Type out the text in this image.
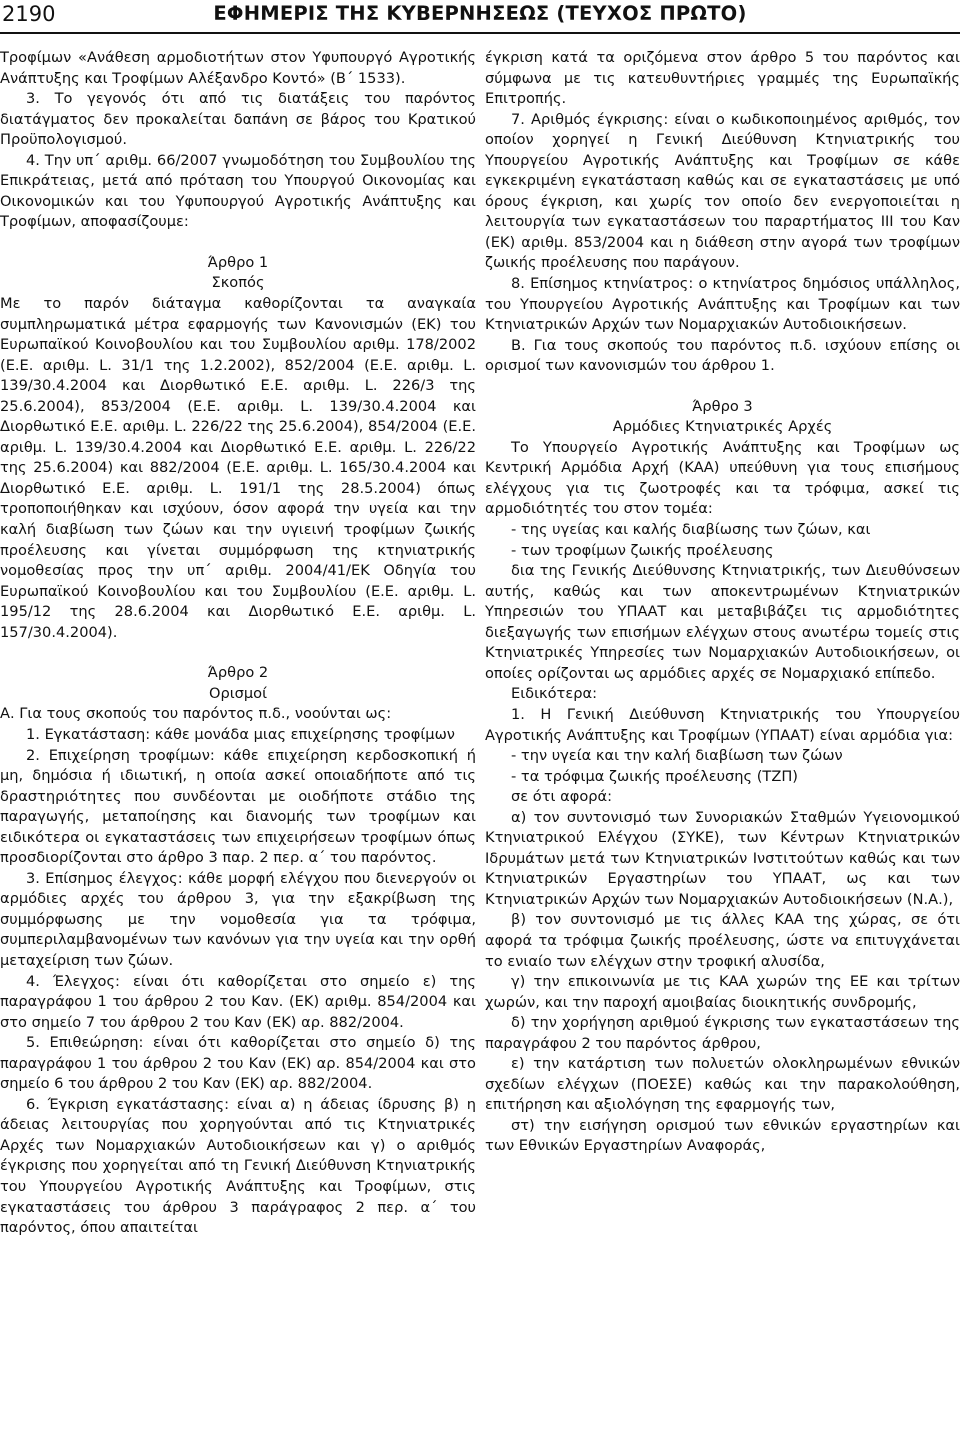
ΕΦΗΜΕΡΙΣ ΤΗΣ ΚΥΒΕΡΝΗΣΕΩΣ (ΤΕΥΧΟΣ ΠΡΩΤΟ)
2190

Τροφίμων «Ανάθεση αρμοδιοτήτων στον Υφυπουργό Αγροτικής Ανάπτυξης και Τροφίμων Αλέξανδρο Κοντό» (Β΄ 1533).

3. Το γεγονός ότι από τις διατάξεις του παρόντος διατάγματος δεν προκαλείται δαπάνη σε βάρος του Κρατικού Προϋπολογισμού.

4. Την υπ΄ αριθμ. 66/2007 γνωμοδότηση του Συμβουλίου της Επικράτειας, μετά από πρόταση του Υπουργού Οικονομίας και Οικονομικών και του Υφυπουργού Αγροτικής Ανάπτυξης και Τροφίμων, αποφασίζουμε:

Άρθρο 1

Σκοπός

Με το παρόν διάταγμα καθορίζονται τα αναγκαία συμπληρωματικά μέτρα εφαρμογής των Κανονισμών (ΕΚ) του Ευρωπαϊκού Κοινοβουλίου και του Συμβουλίου αριθμ. 178/2002 (Ε.Ε. αριθμ. L. 31/1 της 1.2.2002), 852/2004 (Ε.Ε. αριθμ. L. 139/30.4.2004 και Διορθωτικό Ε.Ε. αριθμ. L. 226/3 της 25.6.2004), 853/2004 (Ε.Ε. αριθμ. L. 139/30.4.2004 και Διορθωτικό Ε.Ε. αριθμ. L. 226/22 της 25.6.2004), 854/2004 (Ε.Ε. αριθμ. L. 139/30.4.2004 και Διορθωτικό Ε.Ε. αριθμ. L. 226/22 της 25.6.2004) και 882/2004 (Ε.Ε. αριθμ. L. 165/30.4.2004 και Διορθωτικό Ε.Ε. αριθμ. L. 191/1 της 28.5.2004) όπως τροποποιήθηκαν και ισχύουν, όσον αφορά την υγεία και την καλή διαβίωση των ζώων και την υγιεινή τροφίμων ζωικής προέλευσης και γίνεται συμμόρφωση της κτηνιατρικής νομοθεσίας προς την υπ΄ αριθμ. 2004/41/ΕΚ Οδηγία του Ευρωπαϊκού Κοινοβουλίου και του Συμβουλίου (Ε.Ε. αριθμ. L. 195/12 της 28.6.2004 και Διορθωτικό Ε.Ε. αριθμ. L. 157/30.4.2004).

Άρθρο 2

Ορισμοί

Α. Για τους σκοπούς του παρόντος π.δ., νοούνται ως:

1. Εγκατάσταση: κάθε μονάδα μιας επιχείρησης τροφίμων

2. Επιχείρηση τροφίμων: κάθε επιχείρηση κερδοσκοπική ή μη, δημόσια ή ιδιωτική, η οποία ασκεί οποιαδήποτε από τις δραστηριότητες που συνδέονται με οιοδήποτε στάδιο της παραγωγής, μεταποίησης και διανομής των τροφίμων και ειδικότερα οι εγκαταστάσεις των επιχειρήσεων τροφίμων όπως προσδιορίζονται στο άρθρο 3 παρ. 2 περ. α΄ του παρόντος.

3. Επίσημος έλεγχος: κάθε μορφή ελέγχου που διενεργούν οι αρμόδιες αρχές του άρθρου 3, για την εξακρίβωση της συμμόρφωσης με την νομοθεσία για τα τρόφιμα, συμπεριλαμβανομένων των κανόνων για την υγεία και την ορθή μεταχείριση των ζώων.

4. Έλεγχος: είναι ότι καθορίζεται στο σημείο ε) της παραγράφου 1 του άρθρου 2 του Καν. (ΕΚ) αριθμ. 854/2004 και στο σημείο 7 του άρθρου 2 του Καν (ΕΚ) αρ. 882/2004.

5. Επιθεώρηση: είναι ότι καθορίζεται στο σημείο δ) της παραγράφου 1 του άρθρου 2 του Καν (ΕΚ) αρ. 854/2004 και στο σημείο 6 του άρθρου 2 του Καν (ΕΚ) αρ. 882/2004.

6. Έγκριση εγκατάστασης: είναι α) η άδειας ίδρυσης β) η άδειας λειτουργίας που χορηγούνται από τις Κτηνιατρικές Αρχές των Νομαρχιακών Αυτοδιοικήσεων και γ) ο αριθμός έγκρισης που χορηγείται από τη Γενική Διεύθυνση Κτηνιατρικής του Υπουργείου Αγροτικής Ανάπτυξης και Τροφίμων, στις εγκαταστάσεις του άρθρου 3 παράγραφος 2 περ. α΄ του παρόντος, όπου απαιτείται

έγκριση κατά τα οριζόμενα στον άρθρο 5 του παρόντος και σύμφωνα με τις κατευθυντήριες γραμμές της Ευρωπαϊκής Επιτροπής.

7. Αριθμός έγκρισης: είναι ο κωδικοποιημένος αριθμός, τον οποίον χορηγεί η Γενική Διεύθυνση Κτηνιατρικής του Υπουργείου Αγροτικής Ανάπτυξης και Τροφίμων σε κάθε εγκεκριμένη εγκατάσταση καθώς και σε εγκαταστάσεις με υπό όρους έγκριση, και χωρίς τον οποίο δεν ενεργοποιείται η λειτουργία των εγκαταστάσεων του παραρτήματος ΙΙΙ του Καν (ΕΚ) αριθμ. 853/2004 και η διάθεση στην αγορά των τροφίμων ζωικής προέλευσης που παράγουν.

8. Επίσημος κτηνίατρος: ο κτηνίατρος δημόσιος υπάλληλος, του Υπουργείου Αγροτικής Ανάπτυξης και Τροφίμων και των Κτηνιατρικών Αρχών των Νομαρχιακών Αυτοδιοικήσεων.

Β. Για τους σκοπούς του παρόντος π.δ. ισχύουν επίσης οι ορισμοί των κανονισμών του άρθρου 1.

Άρθρο 3

Αρμόδιες Κτηνιατρικές Αρχές

Το Υπουργείο Αγροτικής Ανάπτυξης και Τροφίμων ως Κεντρική Αρμόδια Αρχή (ΚΑΑ) υπεύθυνη για τους επισήμους ελέγχους για τις ζωοτροφές και τα τρόφιμα, ασκεί τις αρμοδιότητές του στον τομέα:

- της υγείας και καλής διαβίωσης των ζώων, και

- των τροφίμων ζωικής προέλευσης

δια της Γενικής Διεύθυνσης Κτηνιατρικής, των Διευθύνσεων αυτής, καθώς και των αποκεντρωμένων Κτηνιατρικών Υπηρεσιών του ΥΠΑΑΤ και μεταβιβάζει τις αρμοδιότητες διεξαγωγής των επισήμων ελέγχων στους ανωτέρω τομείς στις Κτηνιατρικές Υπηρεσίες των Νομαρχιακών Αυτοδιοικήσεων, οι οποίες ορίζονται ως αρμόδιες αρχές σε Νομαρχιακό επίπεδο.

Ειδικότερα:

1. Η Γενική Διεύθυνση Κτηνιατρικής του Υπουργείου Αγροτικής Ανάπτυξης και Τροφίμων (ΥΠΑΑΤ) είναι αρμόδια για:

- την υγεία και την καλή διαβίωση των ζώων

- τα τρόφιμα ζωικής προέλευσης (ΤΖΠ)

σε ότι αφορά:

α) τον συντονισμό των Συνοριακών Σταθμών Υγειονομικού Κτηνιατρικού Ελέγχου (ΣΥΚΕ), των Κέντρων Κτηνιατρικών Ιδρυμάτων μετά των Κτηνιατρικών Ινστιτούτων καθώς και των Κτηνιατρικών Εργαστηρίων του ΥΠΑΑΤ, ως και των Κτηνιατρικών Αρχών των Νομαρχιακών Αυτοδιοικήσεων (Ν.Α.),

β) τον συντονισμό με τις άλλες ΚΑΑ της χώρας, σε ότι αφορά τα τρόφιμα ζωικής προέλευσης, ώστε να επιτυγχάνεται το ενιαίο των ελέγχων στην τροφική αλυσίδα,

γ) την επικοινωνία με τις ΚΑΑ χωρών της ΕΕ και τρίτων χωρών, και την παροχή αμοιβαίας διοικητικής συνδρομής,

δ) την χορήγηση αριθμού έγκρισης των εγκαταστάσεων της παραγράφου 2 του παρόντος άρθρου,

ε) την κατάρτιση των πολυετών ολοκληρωμένων εθνικών σχεδίων ελέγχων (ΠΟΕΣΕ) καθώς και την παρακολούθηση, επιτήρηση και αξιολόγηση της εφαρμογής των,

στ) την εισήγηση ορισμού των εθνικών εργαστηρίων και των Εθνικών Εργαστηρίων Αναφοράς,
